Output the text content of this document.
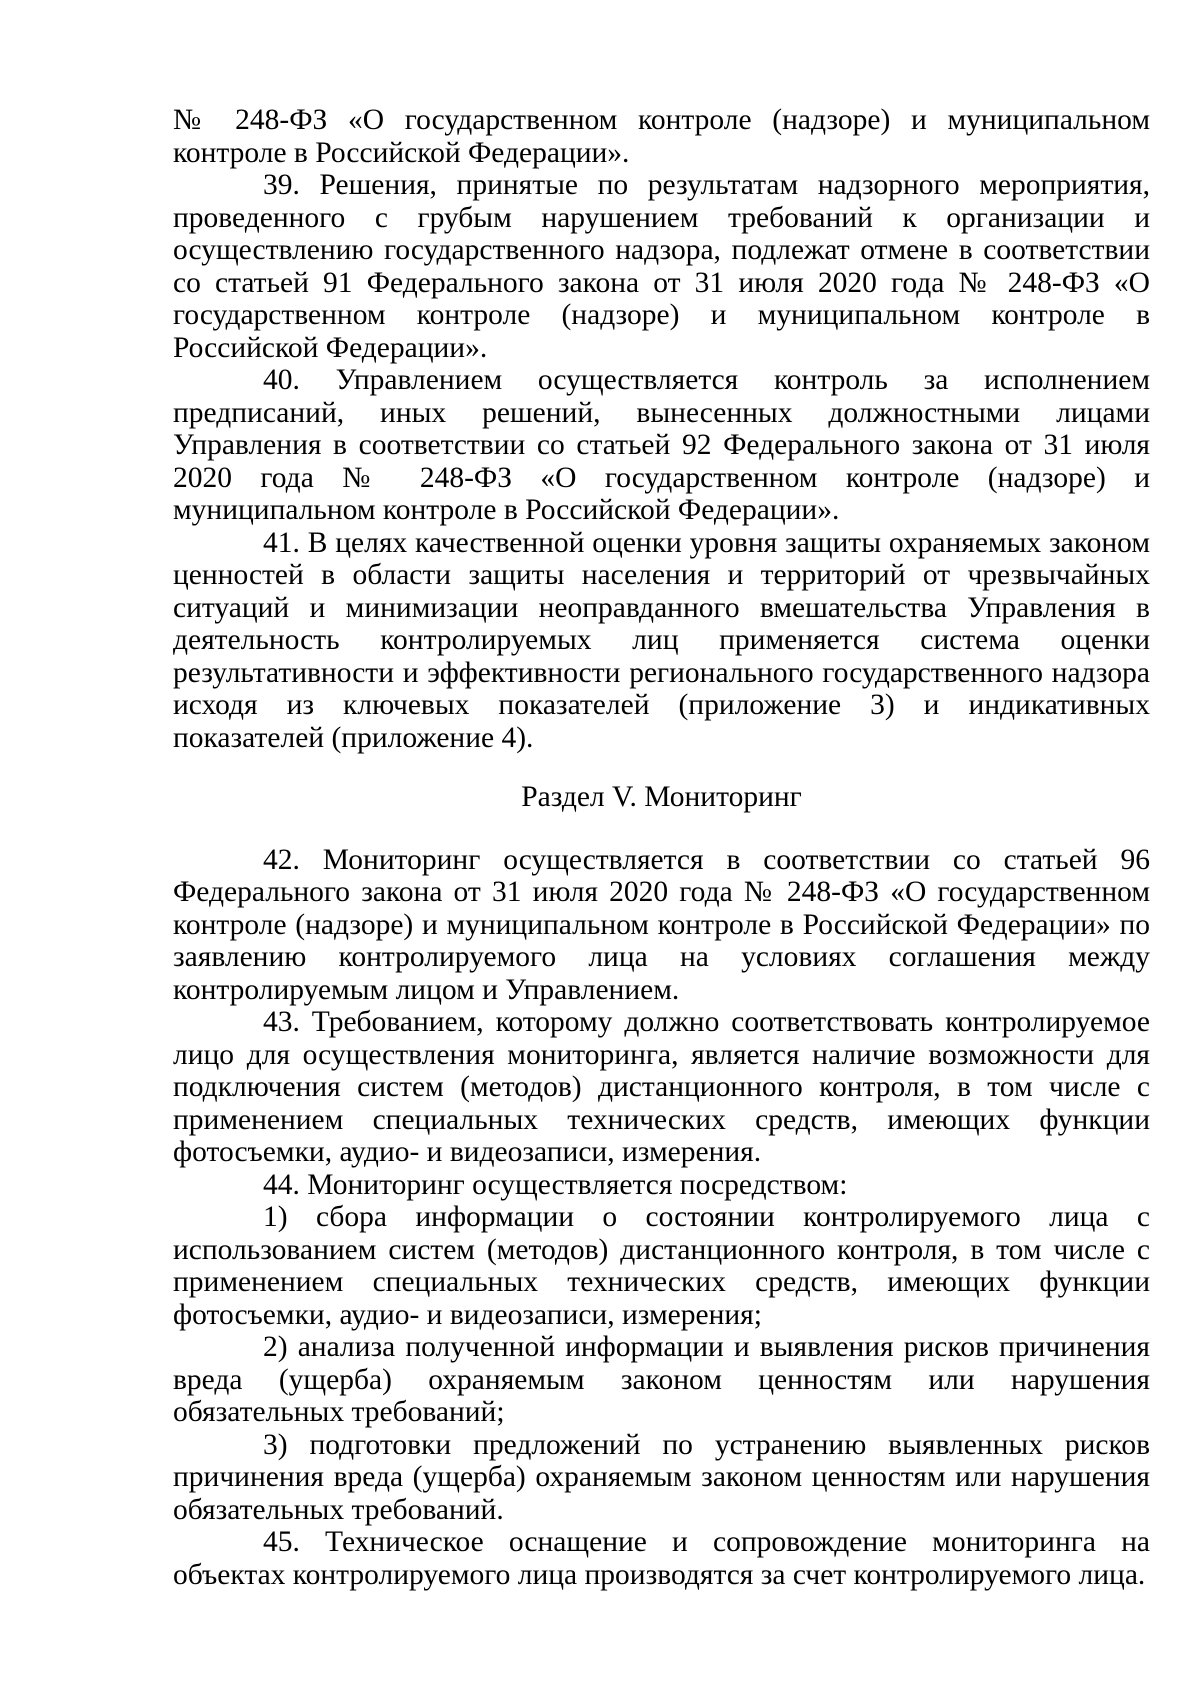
№ 248-ФЗ «О государственном контроле (надзоре) и муниципальном контроле в Российской Федерации».

39. Решения, принятые по результатам надзорного мероприятия, проведенного с грубым нарушением требований к организации и осуществлению государственного надзора, подлежат отмене в соответствии со статьей 91 Федерального закона от 31 июля 2020 года № 248-ФЗ «О государственном контроле (надзоре) и муниципальном контроле в Российской Федерации».

40. Управлением осуществляется контроль за исполнением предписаний, иных решений, вынесенных должностными лицами Управления в соответствии со статьей 92 Федерального закона от 31 июля 2020 года № 248-ФЗ «О государственном контроле (надзоре) и муниципальном контроле в Российской Федерации».

41. В целях качественной оценки уровня защиты охраняемых законом ценностей в области защиты населения и территорий от чрезвычайных ситуаций и минимизации неоправданного вмешательства Управления в деятельность контролируемых лиц применяется система оценки результативности и эффективности регионального государственного надзора исходя из ключевых показателей (приложение 3) и индикативных показателей (приложение 4).

Раздел V. Мониторинг

42. Мониторинг осуществляется в соответствии со статьей 96 Федерального закона от 31 июля 2020 года № 248-ФЗ «О государственном контроле (надзоре) и муниципальном контроле в Российской Федерации» по заявлению контролируемого лица на условиях соглашения между контролируемым лицом и Управлением.

43. Требованием, которому должно соответствовать контролируемое лицо для осуществления мониторинга, является наличие возможности для подключения систем (методов) дистанционного контроля, в том числе с применением специальных технических средств, имеющих функции фотосъемки, аудио- и видеозаписи, измерения.

44. Мониторинг осуществляется посредством:

1) сбора информации о состоянии контролируемого лица с использованием систем (методов) дистанционного контроля, в том числе с применением специальных технических средств, имеющих функции фотосъемки, аудио- и видеозаписи, измерения;

2) анализа полученной информации и выявления рисков причинения вреда (ущерба) охраняемым законом ценностям или нарушения обязательных требований;

3) подготовки предложений по устранению выявленных рисков причинения вреда (ущерба) охраняемым законом ценностям или нарушения обязательных требований.

45. Техническое оснащение и сопровождение мониторинга на объектах контролируемого лица производятся за счет контролируемого лица.
